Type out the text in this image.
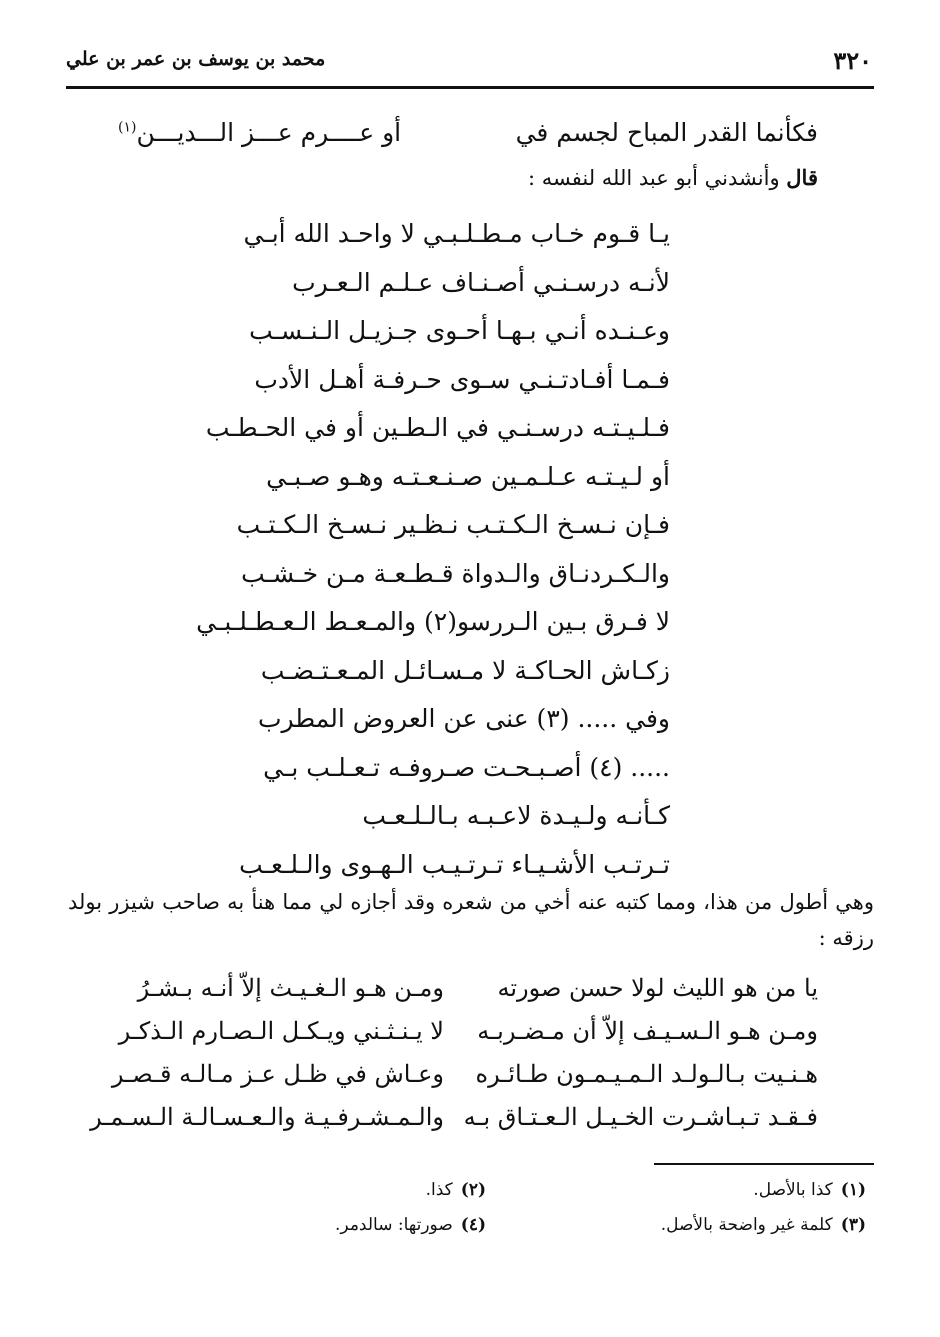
٣٢٠
محمد بن يوسف بن عمر بن علي
فكأنما القدر المباح لجسم في
أو عــــرم عـــز الـــديـــن$^{(١)}$
قال وأنشدني أبو عبد الله لنفسه :
يـا قـوم خـاب مـطـلـبـي لا واحـد الله أبـي
لأنـه درسـنـي أصـنـاف عـلـم الـعـرب
وعـنـده أنـي بـهـا أحـوى جـزيـل الـنـسـب
فـمـا أفـادتـنـي سـوى حـرفـة أهـل الأدب
فـلـيـتـه درسـنـي في الـطـين أو في الحـطـب
أو لـيـتـه عـلـمـين صـنـعـتـه وهـو صـبـي
فـإن نـسـخ الـكـتـب نـظـير نـسـخ الـكـتـب
والـكـردنـاق والـدواة قـطـعـة مـن خـشـب
لا فـرق بـين الـررسو(٢) والمـعـط الـعـطـلـبـي
زكـاش الحـاكـة لا مـسـائـل المـعـتـضـب
وفي ..... (٣) عنى عن العروض المطرب
..... (٤) أصـبـحـت صـروفـه تـعـلـب بـي
كـأنـه ولـيـدة لاعـبـه بـالـلـعـب
تـرتـب الأشـيـاء تـرتـيـب الـهـوى والـلـعـب
وهي أطول من هذا، ومما كتبه عنه أخي من شعره وقد أجازه لي مما هنأ به صاحب شيزر بولد رزقه :
يا من هو الليث لولا حسن صورته
ومـن هـو الـغـيـث إلاّ أنـه بـشـرُ
ومـن هـو الـسـيـف إلاّ أن مـضـربـه
لا يـنـثـني ويـكـل الـصـارم الـذكـر
هـنـيت بـالـولـد الـمـيـمـون طـائـره
وعـاش في ظـل عـز مـالـه قـصـر
فـقـد تـبـاشـرت الخـيـل الـعـتـاق بـه
والـمـشـرفـيـة والـعـسـالـة الـسـمـر
(١)كذا بالأصل.
(٢)كذا.
(٣)كلمة غير واضحة بالأصل.
(٤)صورتها: سالدمر.
